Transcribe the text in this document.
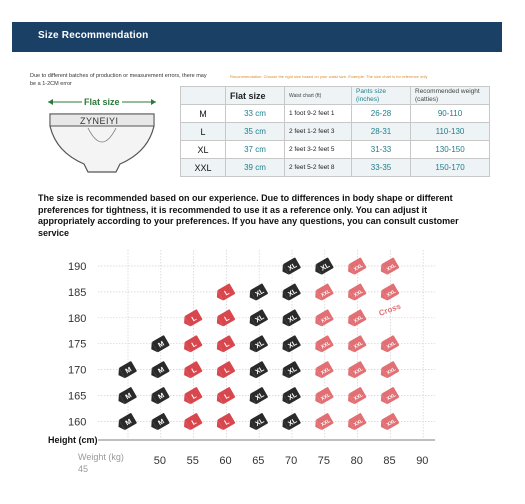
Size Recommendation
Due to different batches of production or measurement errors, there may be a 1-2CM error
Recommendation: Choose the right size based on your waist size. Example: The size chart is for reference only
Flat size
ZYNEIYI
	Flat size	Waist chart (ft)	Pants size (inches)	Recommended weight (catties)
M	33 cm	1 foot 9-2 feet 1	26-28	90-110
L	35 cm	2 feet 1-2 feet 3	28-31	110-130
XL	37 cm	2 feet 3-2 feet 5	31-33	130-150
XXL	39 cm	2 feet 5-2 feet 8	33-35	150-170
The size is recommended based on our experience. Due to differences in body shape or different preferences for tightness, it is recommended to use it as a reference only. You can adjust it appropriately according to your preferences. If you have any questions, you can consult customer service
190
185
180
175
170
165
160
Height (cm)
Weight (kg)
45
50 55 60 65 70 75 80 85 90
XL	XL	XXL	XXL
L	XL	XL	XXL	XXL	XXL
L	L	XL	XL	XXL	XXL
M	L	L	XL	XL	XXL	XXL	XXL
M	M	L	L	XL	XL	XXL	XXL	XXL
M	M	L	L	XL	XL	XXL	XXL	XXL
M	M	L	L	XL	XL	XXL	XXL	XXL
Cross
